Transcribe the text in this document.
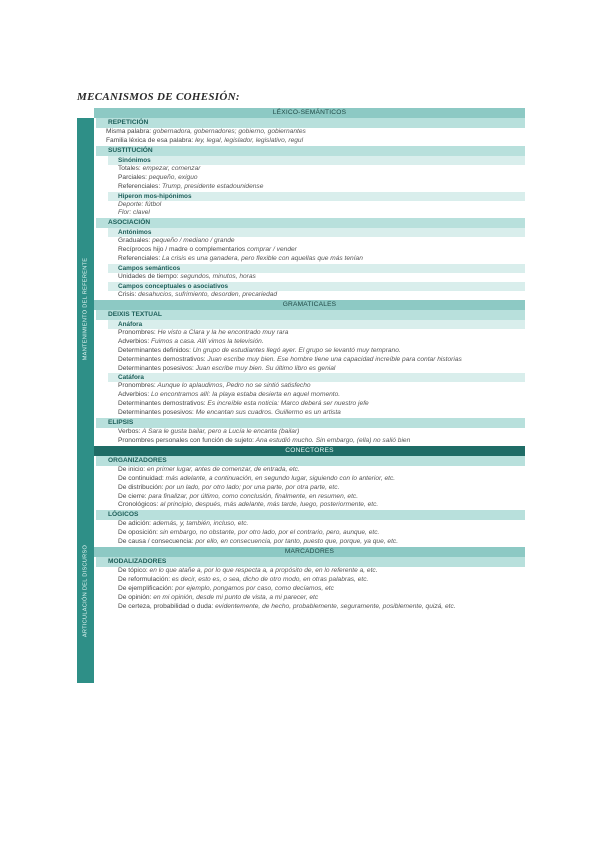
MECANISMOS DE COHESIÓN:
MANTENIMIENTO DEL REFERENTE
ARTICULACIÓN DEL DISCURSO
LÉXICO-SEMÁNTICOS
REPETICIÓN
Misma palabra: gobernadora, gobernadores; gobierno, gobiernantes
Familia léxica de esa palabra: ley, legal, legislador, legislativo, regul
SUSTITUCIÓN
Sinónimos
Totales: empezar, comenzar
Parciales: pequeño, exiguo
Referenciales: Trump, presidente estadounidense
Hiperon mos-hipónimos
Deporte: fútbol
Flor: clavel
ASOCIACIÓN
Antónimos
Graduales: pequeño / mediano / grande
Recíprocos hijo / madre o complementarios comprar / vender
Referenciales: La crisis es una ganadera, pero flexible con aquellas que más tenían
Campos semánticos
Unidades de tiempo: segundos, minutos, horas
Campos conceptuales o asociativos
Crisis: desahucios, sufrimiento, desorden, precariedad
GRAMATICALES
DEIXIS TEXTUAL
Anáfora
Pronombres: He visto a Clara y la he encontrado muy rara
Adverbios: Fuimos a casa. Allí vimos la televisión.
Determinantes definidos: Un grupo de estudiantes llegó ayer. El grupo se levantó muy temprano.
Determinantes demostrativos: Juan escribe muy bien. Ese hombre tiene una capacidad increíble para contar historias
Determinantes posesivos: Juan escribe muy bien. Su último libro es genial
Catáfora
Pronombres: Aunque lo aplaudimos, Pedro no se sintió satisfecho
Adverbios: Lo encontramos allí: la playa estaba desierta en aquel momento.
Determinantes demostrativos: Es increíble esta noticia: Marco deberá ser nuestro jefe
Determinantes posesivos: Me encantan sus cuadros. Guillermo es un artista
ELIPSIS
Verbos: A Sara le gusta bailar, pero a Lucía le encanta (bailar)
Pronombres personales con función de sujeto: Ana estudió mucho. Sin embargo, (ella) no salió bien
CONECTORES
ORGANIZADORES
De inicio: en primer lugar, antes de comenzar, de entrada, etc.
De continuidad: más adelante, a continuación, en segundo lugar, siguiendo con lo anterior, etc.
De distribución: por un lado, por otro lado; por una parte, por otra parte, etc.
De cierre: para finalizar, por último, como conclusión, finalmente, en resumen, etc.
Cronológicos: al principio, después, más adelante, más tarde, luego, posteriormente, etc.
LÓGICOS
De adición: además, y, también, incluso, etc.
De oposición: sin embargo, no obstante, por otro lado, por el contrario, pero, aunque, etc.
De causa / consecuencia: por ello, en consecuencia, por tanto, puesto que, porque, ya que, etc.
MARCADORES
MODALIZADORES
De tópico: en lo que atañe a, por lo que respecta a, a propósito de, en lo referente a, etc.
De reformulación: es decir, esto es, o sea, dicho de otro modo, en otras palabras, etc.
De ejemplificación: por ejemplo, pongamos por caso, como decíamos, etc
De opinión: en mi opinión, desde mi punto de vista, a mi parecer, etc
De certeza, probabilidad o duda: evidentemente, de hecho, probablemente, seguramente, posiblemente, quizá, etc.
